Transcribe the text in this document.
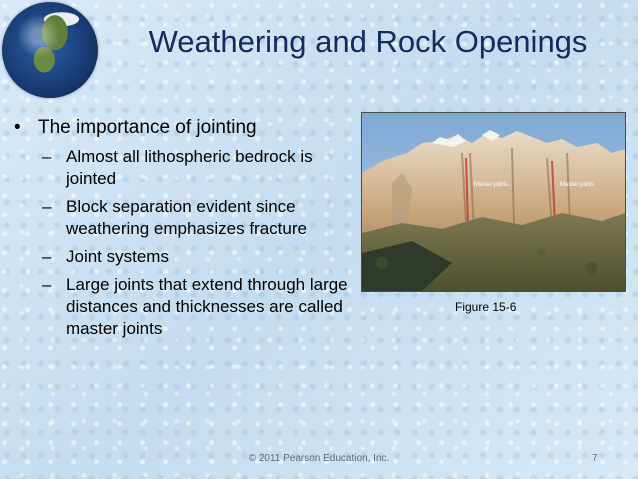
Weathering and Rock Openings
• The importance of jointing
– Almost all lithospheric bedrock is jointed
– Block separation evident since weathering emphasizes fracture
– Joint systems
– Large joints that extend through large distances and thicknesses are called master joints
Master joints	Master joints
Figure 15-6
© 2011 Pearson Education, Inc.	7
